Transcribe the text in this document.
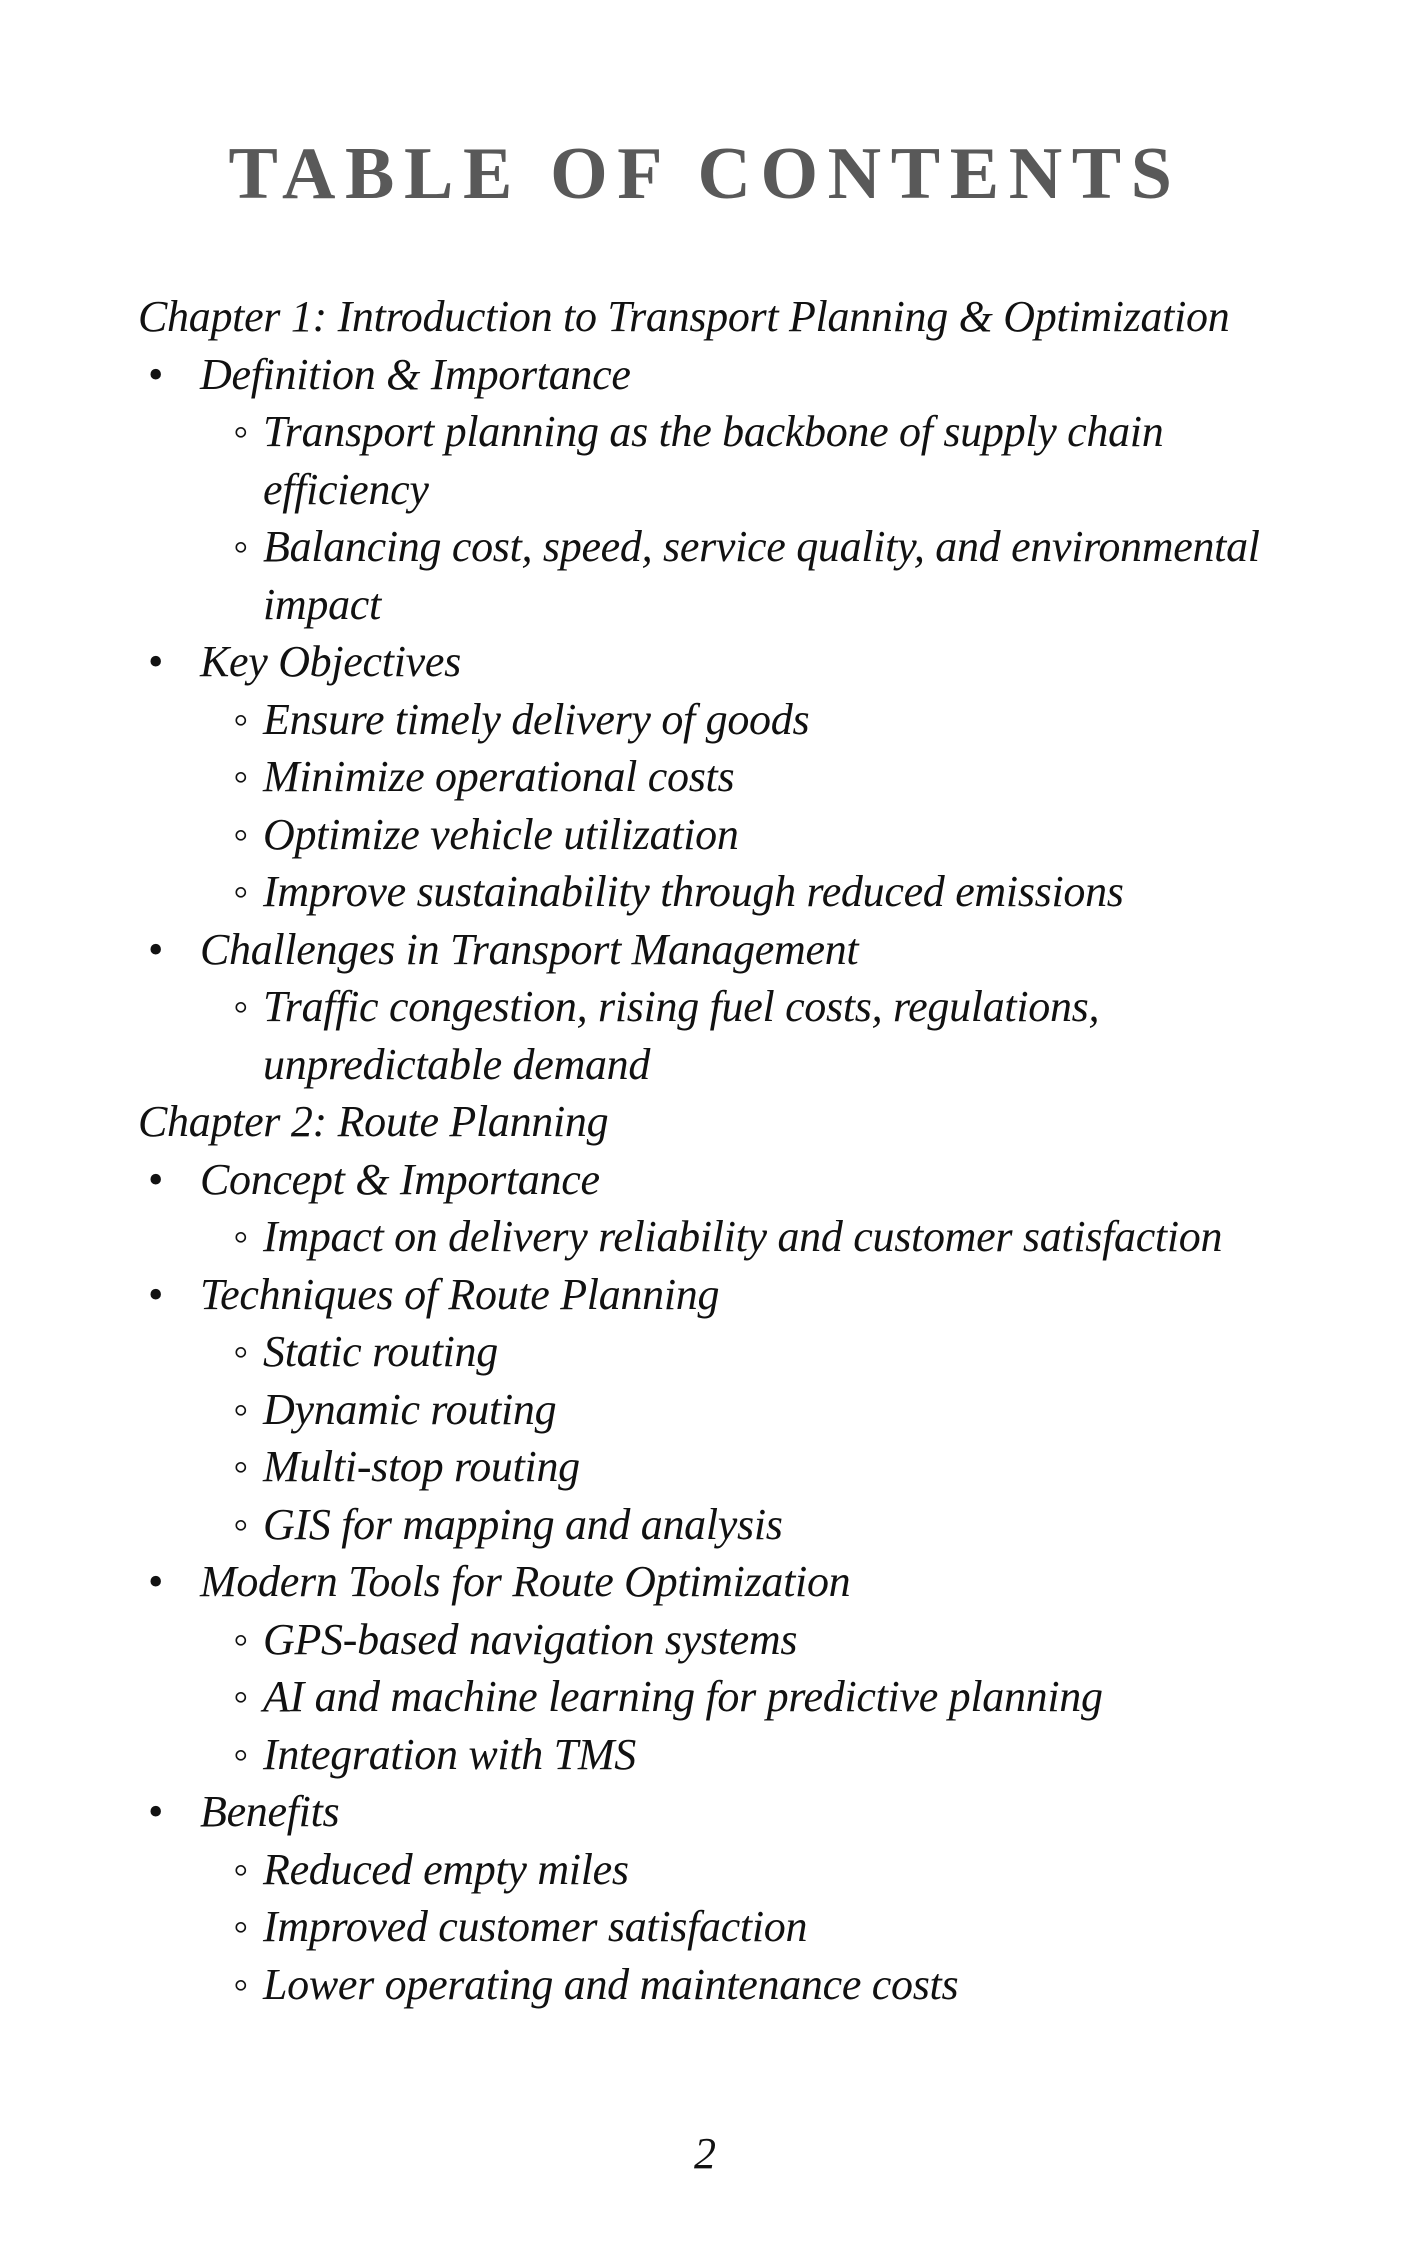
TABLE OF CONTENTS
Chapter 1: Introduction to Transport Planning & Optimization
• Definition & Importance
◦ Transport planning as the backbone of supply chain efficiency
◦ Balancing cost, speed, service quality, and environmental impact
• Key Objectives
◦ Ensure timely delivery of goods
◦ Minimize operational costs
◦ Optimize vehicle utilization
◦ Improve sustainability through reduced emissions
• Challenges in Transport Management
◦ Traffic congestion, rising fuel costs, regulations, unpredictable demand
Chapter 2: Route Planning
• Concept & Importance
◦ Impact on delivery reliability and customer satisfaction
• Techniques of Route Planning
◦ Static routing
◦ Dynamic routing
◦ Multi-stop routing
◦ GIS for mapping and analysis
• Modern Tools for Route Optimization
◦ GPS-based navigation systems
◦ AI and machine learning for predictive planning
◦ Integration with TMS
• Benefits
◦ Reduced empty miles
◦ Improved customer satisfaction
◦ Lower operating and maintenance costs
2
